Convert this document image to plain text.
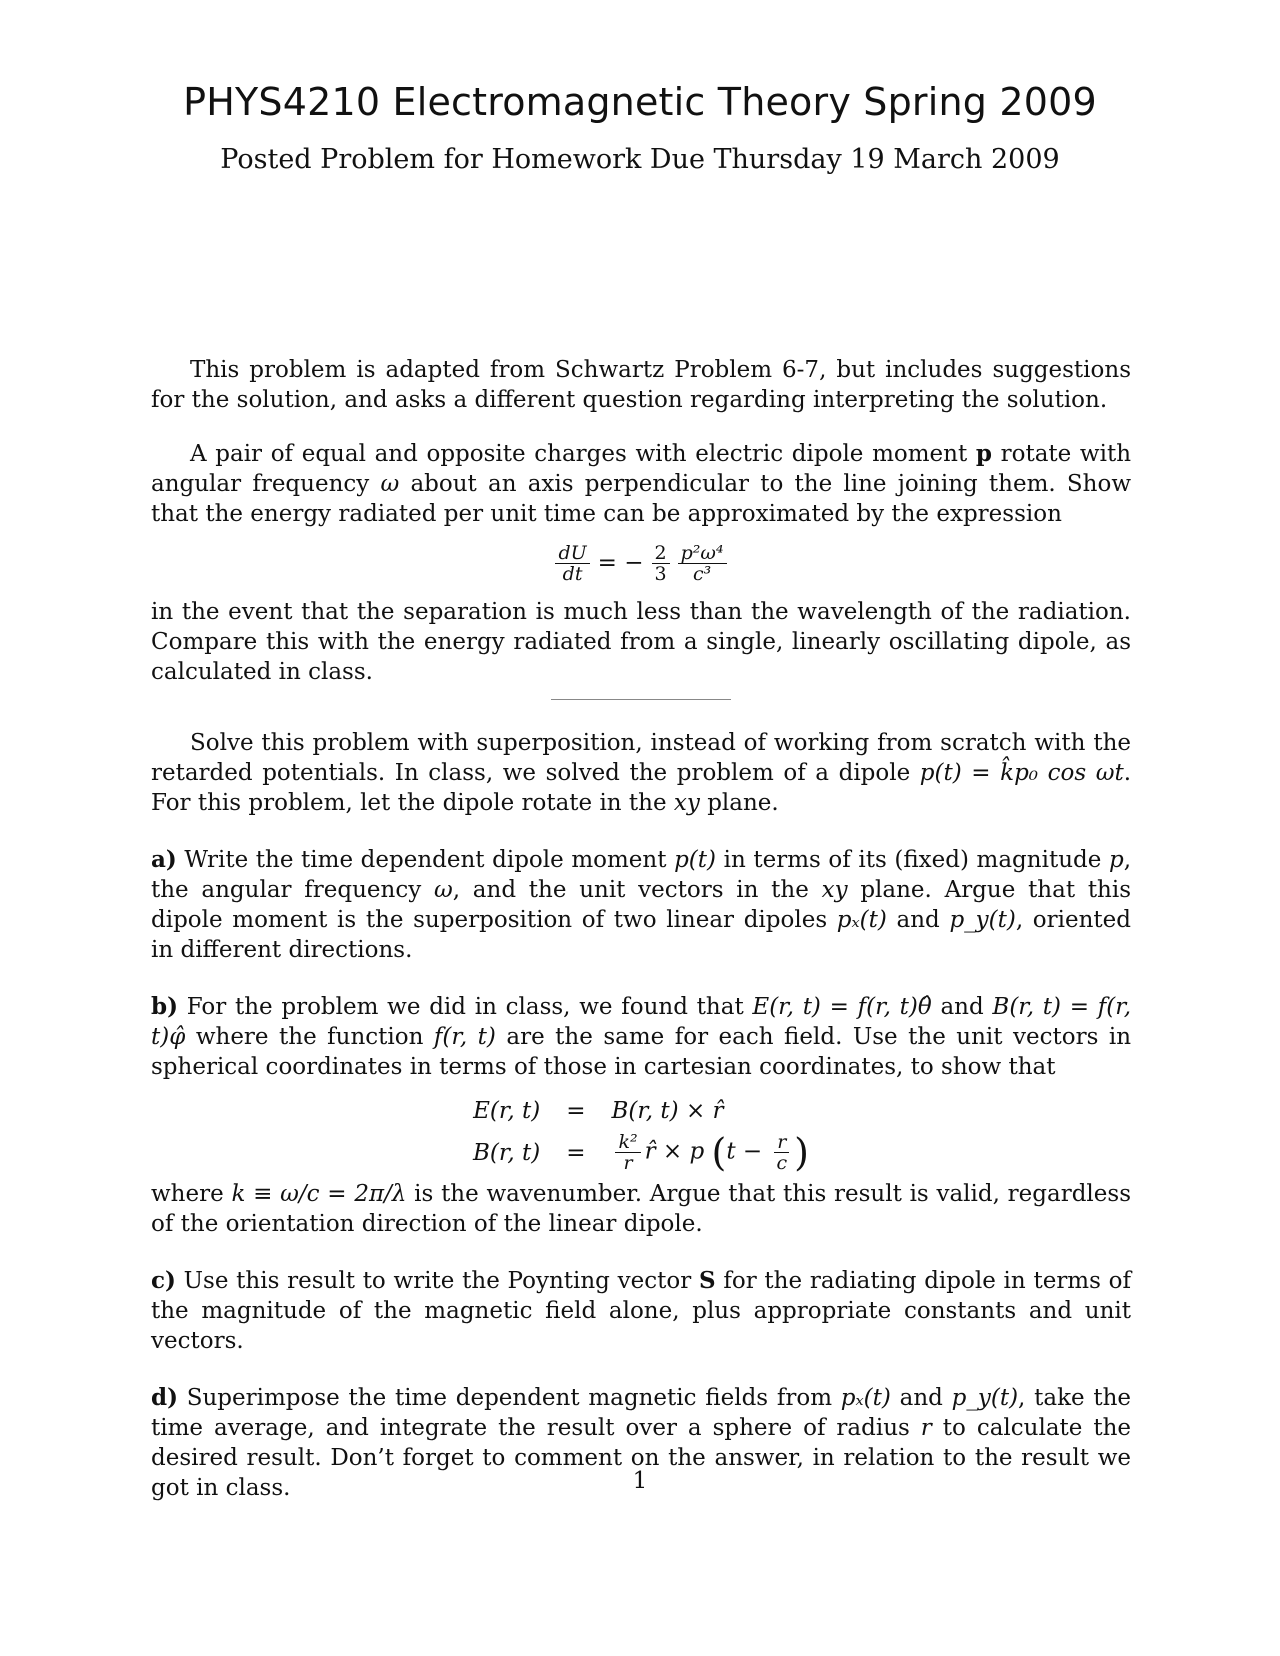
PHYS4210 Electromagnetic Theory Spring 2009

Posted Problem for Homework Due Thursday 19 March 2009

This problem is adapted from Schwartz Problem 6-7, but includes suggestions for the solution, and asks a different question regarding interpreting the solution.

A pair of equal and opposite charges with electric dipole moment p rotate with angular frequency ω about an axis perpendicular to the line joining them. Show that the energy radiated per unit time can be approximated by the expression

$\frac{dU}{dt}$ = − $\frac{2}{3} \frac{\text{p²ω⁴}}{\text{c³}}$

in the event that the separation is much less than the wavelength of the radiation. Compare this with the energy radiated from a single, linearly oscillating dipole, as calculated in class.

Solve this problem with superposition, instead of working from scratch with the retarded potentials. In class, we solved the problem of a dipole p(t) = k̂p₀ cos ωt. For this problem, let the dipole rotate in the xy plane.

a) Write the time dependent dipole moment p(t) in terms of its (fixed) magnitude p, the angular frequency ω, and the unit vectors in the xy plane. Argue that this dipole moment is the superposition of two linear dipoles pₓ(t) and p_y(t), oriented in different directions.

b) For the problem we did in class, we found that E(r, t) = f(r, t)θ̂ and B(r, t) = f(r, t)φ̂ where the function f(r, t) are the same for each field. Use the unit vectors in spherical coordinates in terms of those in cartesian coordinates, to show that

E(r, t) = B(r, t) × r̂
B(r, $t) = \frac{\text{k²}}{r}$ r̂ × p ($t - \frac{r}{c}$ )

where k ≡ ω/c = 2π/λ is the wavenumber. Argue that this result is valid, regardless of the orientation direction of the linear dipole.

c) Use this result to write the Poynting vector S for the radiating dipole in terms of the magnitude of the magnetic field alone, plus appropriate constants and unit vectors.

d) Superimpose the time dependent magnetic fields from pₓ(t) and p_y(t), take the time average, and integrate the result over a sphere of radius r to calculate the desired result. Don’t forget to comment on the answer, in relation to the result we got in class.	1
